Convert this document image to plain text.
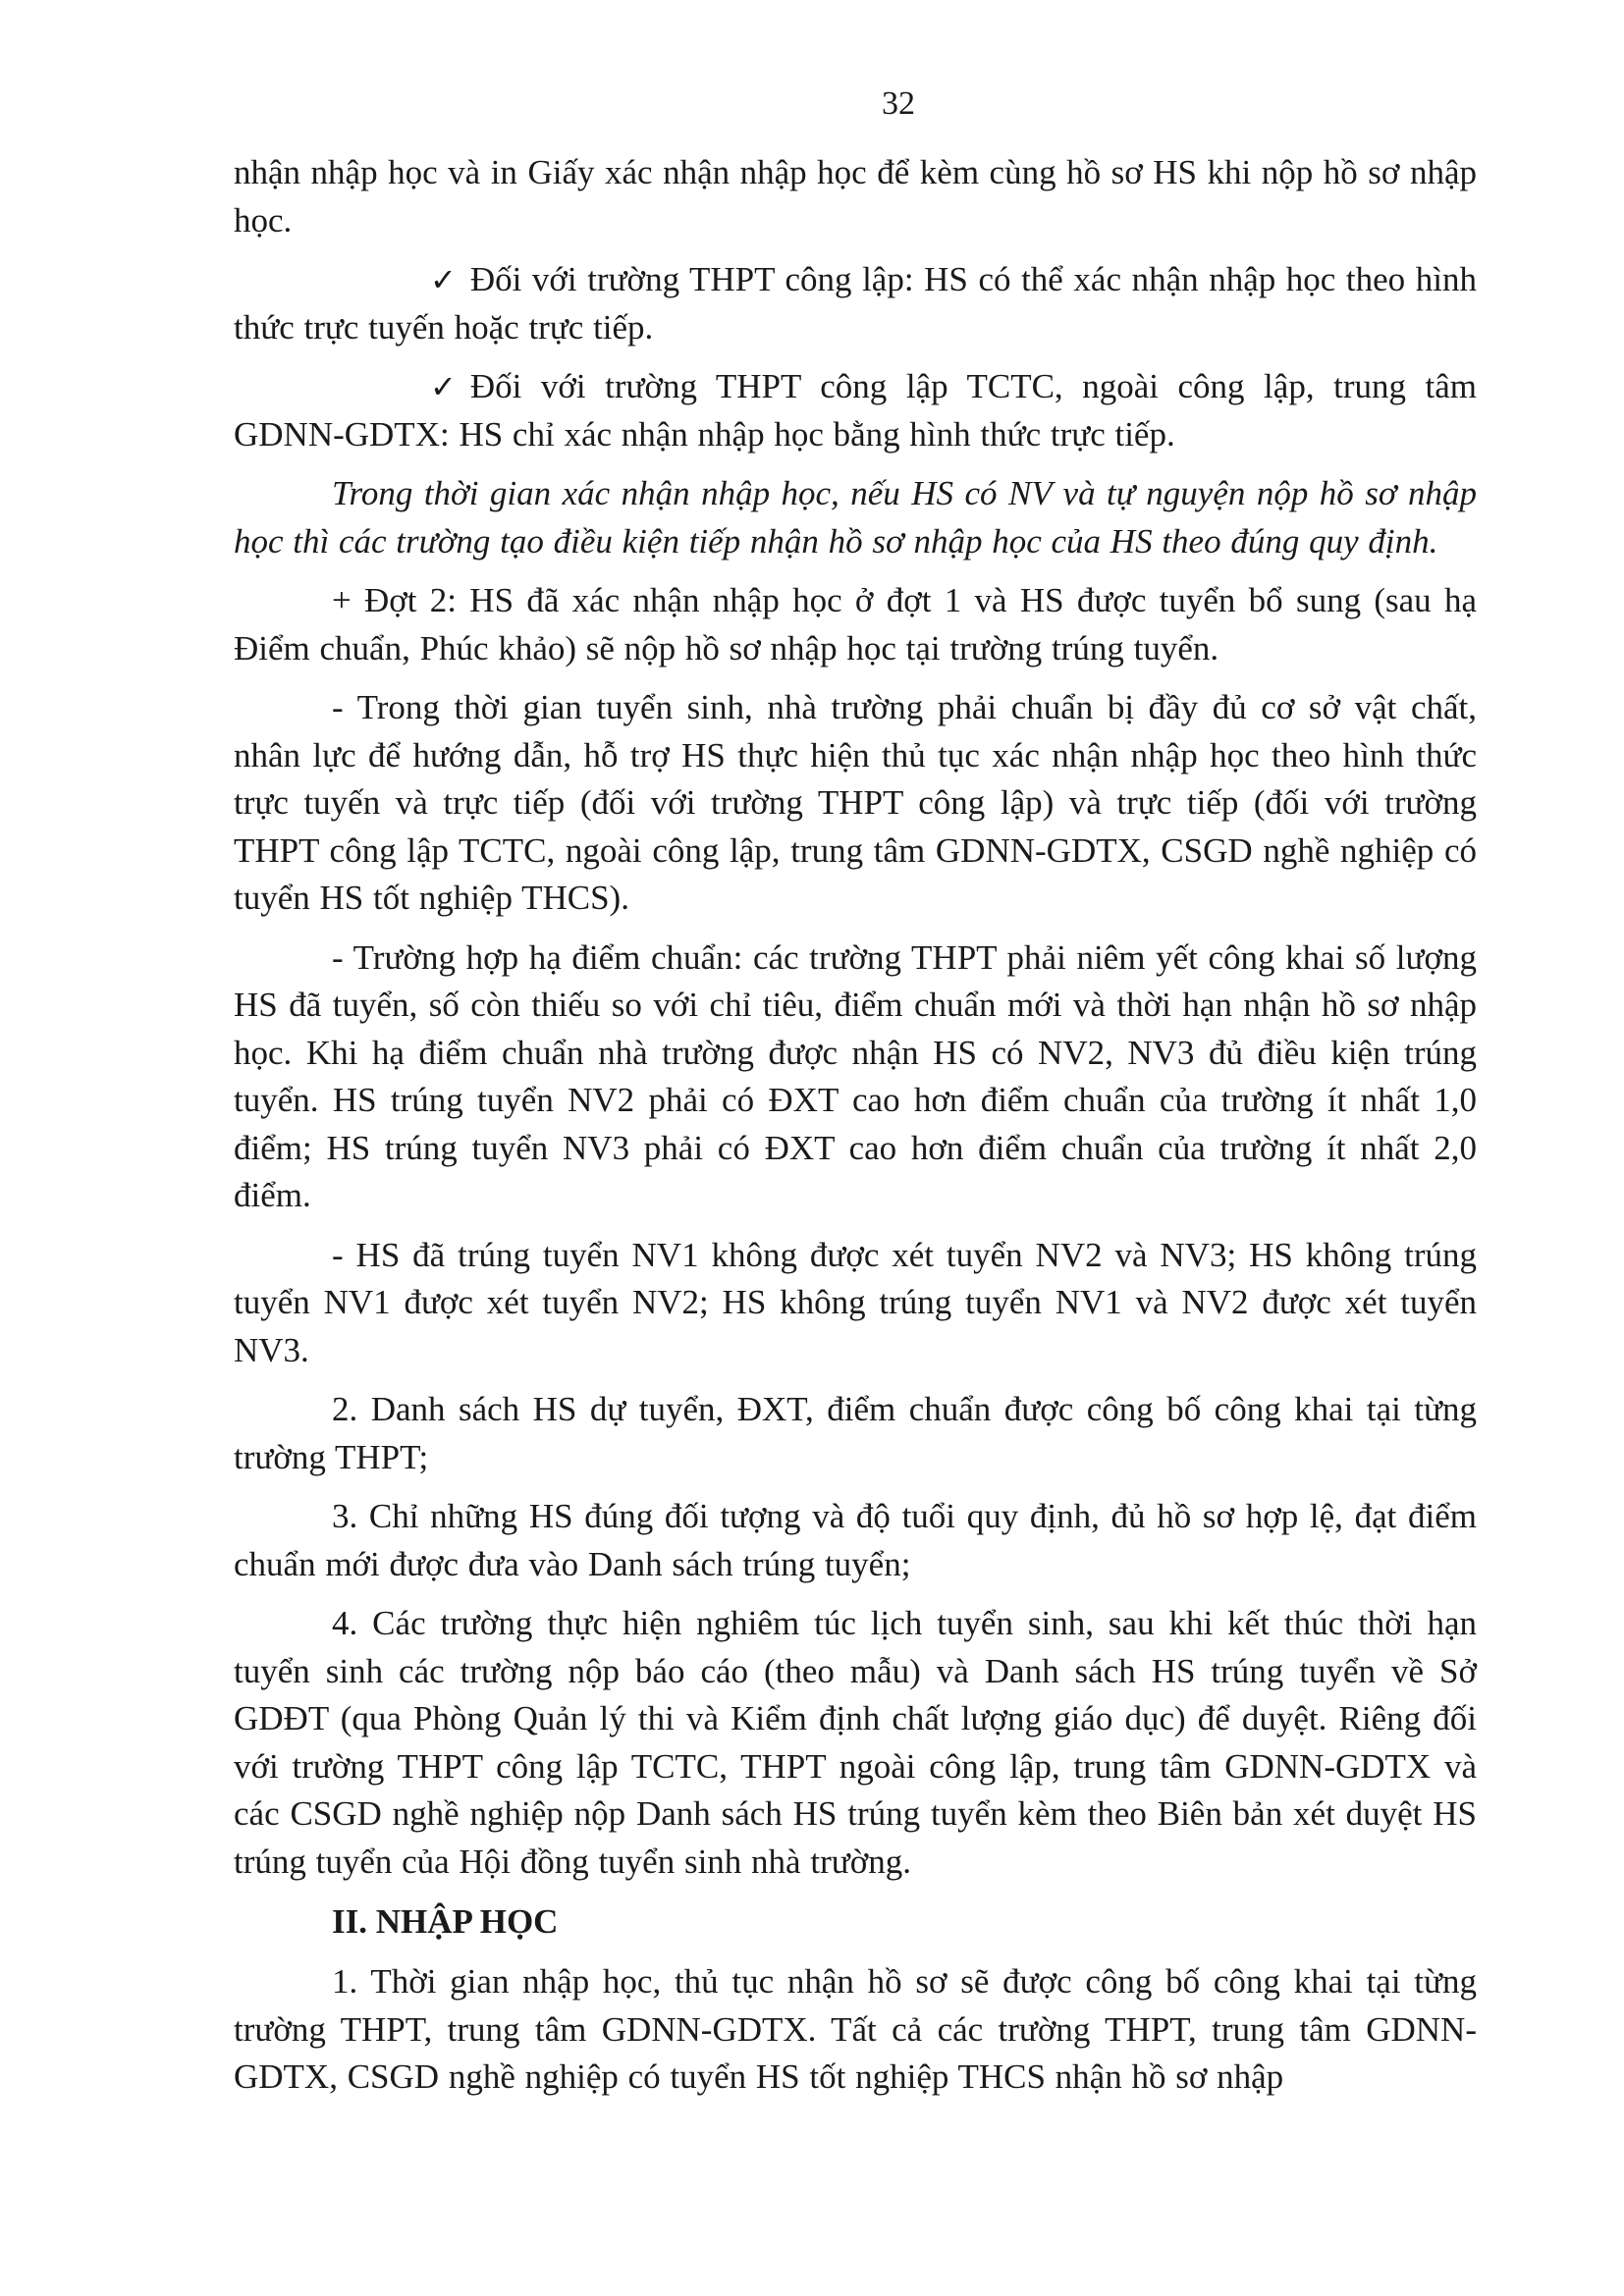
32

nhận nhập học và in Giấy xác nhận nhập học để kèm cùng hồ sơ HS khi nộp hồ sơ nhập học.

✓ Đối với trường THPT công lập: HS có thể xác nhận nhập học theo hình thức trực tuyến hoặc trực tiếp.

✓ Đối với trường THPT công lập TCTC, ngoài công lập, trung tâm GDNN-GDTX: HS chỉ xác nhận nhập học bằng hình thức trực tiếp.

Trong thời gian xác nhận nhập học, nếu HS có NV và tự nguyện nộp hồ sơ nhập học thì các trường tạo điều kiện tiếp nhận hồ sơ nhập học của HS theo đúng quy định.

+ Đợt 2: HS đã xác nhận nhập học ở đợt 1 và HS được tuyển bổ sung (sau hạ Điểm chuẩn, Phúc khảo) sẽ nộp hồ sơ nhập học tại trường trúng tuyển.

- Trong thời gian tuyển sinh, nhà trường phải chuẩn bị đầy đủ cơ sở vật chất, nhân lực để hướng dẫn, hỗ trợ HS thực hiện thủ tục xác nhận nhập học theo hình thức trực tuyến và trực tiếp (đối với trường THPT công lập) và trực tiếp (đối với trường THPT công lập TCTC, ngoài công lập, trung tâm GDNN-GDTX, CSGD nghề nghiệp có tuyển HS tốt nghiệp THCS).

- Trường hợp hạ điểm chuẩn: các trường THPT phải niêm yết công khai số lượng HS đã tuyển, số còn thiếu so với chỉ tiêu, điểm chuẩn mới và thời hạn nhận hồ sơ nhập học. Khi hạ điểm chuẩn nhà trường được nhận HS có NV2, NV3 đủ điều kiện trúng tuyển. HS trúng tuyển NV2 phải có ĐXT cao hơn điểm chuẩn của trường ít nhất 1,0 điểm; HS trúng tuyển NV3 phải có ĐXT cao hơn điểm chuẩn của trường ít nhất 2,0 điểm.

- HS đã trúng tuyển NV1 không được xét tuyển NV2 và NV3; HS không trúng tuyển NV1 được xét tuyển NV2; HS không trúng tuyển NV1 và NV2 được xét tuyển NV3.

2. Danh sách HS dự tuyển, ĐXT, điểm chuẩn được công bố công khai tại từng trường THPT;

3. Chỉ những HS đúng đối tượng và độ tuổi quy định, đủ hồ sơ hợp lệ, đạt điểm chuẩn mới được đưa vào Danh sách trúng tuyển;

4. Các trường thực hiện nghiêm túc lịch tuyển sinh, sau khi kết thúc thời hạn tuyển sinh các trường nộp báo cáo (theo mẫu) và Danh sách HS trúng tuyển về Sở GDĐT (qua Phòng Quản lý thi và Kiểm định chất lượng giáo dục) để duyệt. Riêng đối với trường THPT công lập TCTC, THPT ngoài công lập, trung tâm GDNN-GDTX và các CSGD nghề nghiệp nộp Danh sách HS trúng tuyển kèm theo Biên bản xét duyệt HS trúng tuyển của Hội đồng tuyển sinh nhà trường.

II. NHẬP HỌC

1. Thời gian nhập học, thủ tục nhận hồ sơ sẽ được công bố công khai tại từng trường THPT, trung tâm GDNN-GDTX. Tất cả các trường THPT, trung tâm GDNN-GDTX, CSGD nghề nghiệp có tuyển HS tốt nghiệp THCS nhận hồ sơ nhập
